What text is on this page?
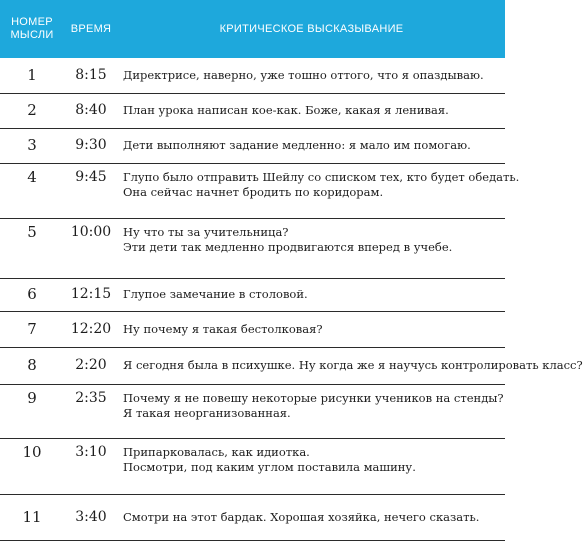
НОМЕР
МЫСЛИ
ВРЕМЯ	КРИТИЧЕСКОЕ ВЫСКАЗЫВАНИЕ
1	8:15	Директрисе, наверно, уже тошно оттого, что я опаздываю.
2	8:40	План урока написан кое-как. Боже, какая я ленивая.
3	9:30	Дети выполняют задание медленно: я мало им помогаю.
4	9:45	Глупо было отправить Шейлу со списком тех, кто будет обедать.
Она сейчас начнет бродить по коридорам.
5	10:00	Ну что ты за учительница?
Эти дети так медленно продвигаются вперед в учебе.
6	12:15	Глупое замечание в столовой.
7	12:20	Ну почему я такая бестолковая?
8	2:20	Я сегодня была в психушке. Ну когда же я научусь контролировать класс?
9	2:35	Почему я не повешу некоторые рисунки учеников на стенды?
Я такая неорганизованная.
10	3:10	Припарковалась, как идиотка.
Посмотри, под каким углом поставила машину.
11	3:40	Смотри на этот бардак. Хорошая хозяйка, нечего сказать.
